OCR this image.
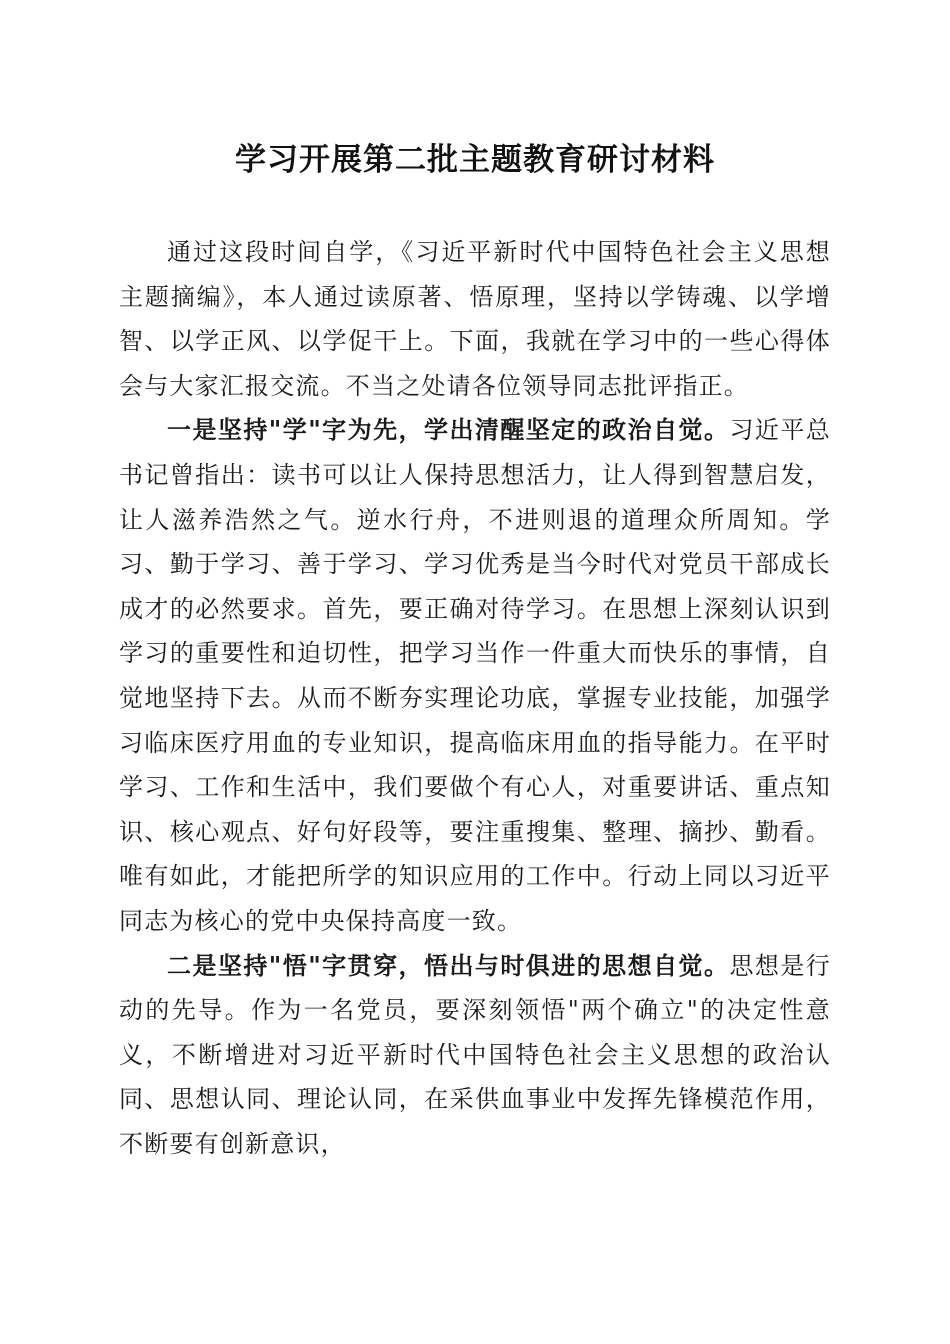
学习开展第二批主题教育研讨材料

通过这段时间自学，《习近平新时代中国特色社会主义思想主题摘编》，本人通过读原著、悟原理，坚持以学铸魂、以学增智、以学正风、以学促干上。下面，我就在学习中的一些心得体会与大家汇报交流。不当之处请各位领导同志批评指正。

一是坚持"学"字为先，学出清醒坚定的政治自觉。习近平总书记曾指出：读书可以让人保持思想活力，让人得到智慧启发，让人滋养浩然之气。逆水行舟，不进则退的道理众所周知。学习、勤于学习、善于学习、学习优秀是当今时代对党员干部成长成才的必然要求。首先，要正确对待学习。在思想上深刻认识到学习的重要性和迫切性，把学习当作一件重大而快乐的事情，自觉地坚持下去。从而不断夯实理论功底，掌握专业技能，加强学习临床医疗用血的专业知识，提高临床用血的指导能力。在平时学习、工作和生活中，我们要做个有心人，对重要讲话、重点知识、核心观点、好句好段等，要注重搜集、整理、摘抄、勤看。唯有如此，才能把所学的知识应用的工作中。行动上同以习近平同志为核心的党中央保持高度一致。

二是坚持"悟"字贯穿，悟出与时俱进的思想自觉。思想是行动的先导。作为一名党员，要深刻领悟"两个确立"的决定性意义，不断增进对习近平新时代中国特色社会主义思想的政治认同、思想认同、理论认同，在采供血事业中发挥先锋模范作用，不断要有创新意识，
